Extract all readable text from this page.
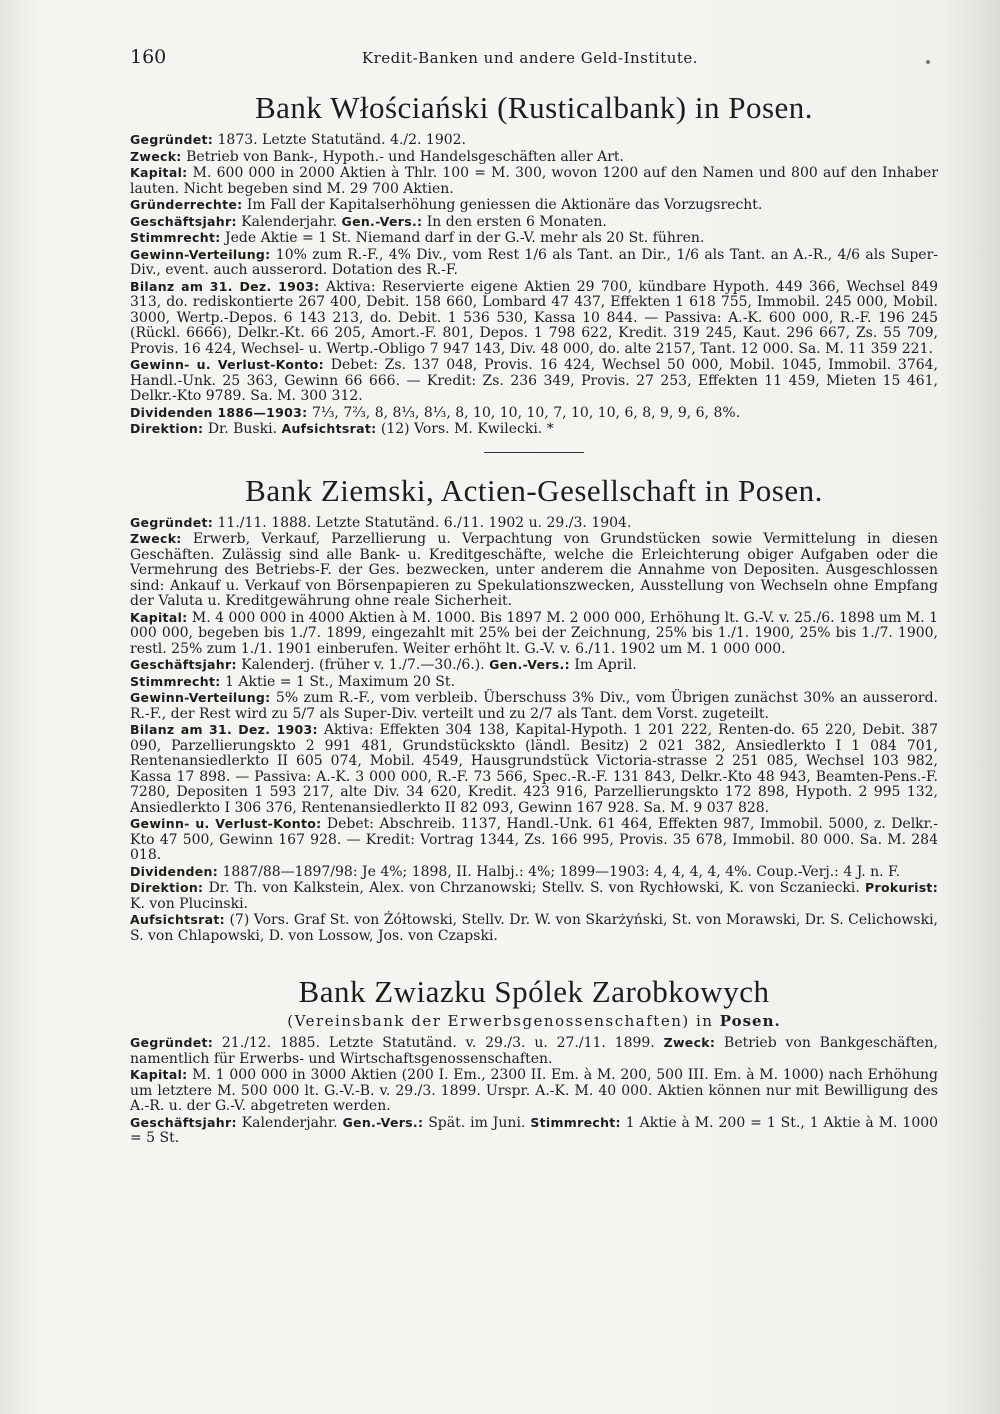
160	Kredit-Banken und andere Geld-Institute.
Bank Włościański (Rusticalbank) in Posen.

Gegründet: 1873. Letzte Statutänd. 4./2. 1902.

Zweck: Betrieb von Bank-, Hypoth.- und Handelsgeschäften aller Art.

Kapital: M. 600 000 in 2000 Aktien à Thlr. 100 = M. 300, wovon 1200 auf den Namen und 800 auf den Inhaber lauten. Nicht begeben sind M. 29 700 Aktien.

Gründerrechte: Im Fall der Kapitalserhöhung geniessen die Aktionäre das Vorzugsrecht.

Geschäftsjahr: Kalenderjahr. Gen.-Vers.: In den ersten 6 Monaten.

Stimmrecht: Jede Aktie = 1 St. Niemand darf in der G.-V. mehr als 20 St. führen.

Gewinn-Verteilung: 10% zum R.-F., 4% Div., vom Rest 1/6 als Tant. an Dir., 1/6 als Tant. an A.-R., 4/6 als Super-Div., event. auch ausserord. Dotation des R.-F.

Bilanz am 31. Dez. 1903: Aktiva: Reservierte eigene Aktien 29 700, kündbare Hypoth. 449 366, Wechsel 849 313, do. rediskontierte 267 400, Debit. 158 660, Lombard 47 437, Effekten 1 618 755, Immobil. 245 000, Mobil. 3000, Wertp.-Depos. 6 143 213, do. Debit. 1 536 530, Kassa 10 844. — Passiva: A.-K. 600 000, R.-F. 196 245 (Rückl. 6666), Delkr.-Kt. 66 205, Amort.-F. 801, Depos. 1 798 622, Kredit. 319 245, Kaut. 296 667, Zs. 55 709, Provis. 16 424, Wechsel- u. Wertp.-Obligo 7 947 143, Div. 48 000, do. alte 2157, Tant. 12 000. Sa. M. 11 359 221.

Gewinn- u. Verlust-Konto: Debet: Zs. 137 048, Provis. 16 424, Wechsel 50 000, Mobil. 1045, Immobil. 3764, Handl.-Unk. 25 363, Gewinn 66 666. — Kredit: Zs. 236 349, Provis. 27 253, Effekten 11 459, Mieten 15 461, Delkr.-Kto 9789. Sa. M. 300 312.

Dividenden 1886—1903: 7⅓, 7⅔, 8, 8⅓, 8⅓, 8, 10, 10, 10, 7, 10, 10, 6, 8, 9, 9, 6, 8%.

Direktion: Dr. Buski. Aufsichtsrat: (12) Vors. M. Kwilecki. *

Bank Ziemski, Actien-Gesellschaft in Posen.

Gegründet: 11./11. 1888. Letzte Statutänd. 6./11. 1902 u. 29./3. 1904.

Zweck: Erwerb, Verkauf, Parzellierung u. Verpachtung von Grundstücken sowie Vermittelung in diesen Geschäften. Zulässig sind alle Bank- u. Kreditgeschäfte, welche die Erleichterung obiger Aufgaben oder die Vermehrung des Betriebs-F. der Ges. bezwecken, unter anderem die Annahme von Depositen. Ausgeschlossen sind: Ankauf u. Verkauf von Börsenpapieren zu Spekulationszwecken, Ausstellung von Wechseln ohne Empfang der Valuta u. Kreditgewährung ohne reale Sicherheit.

Kapital: M. 4 000 000 in 4000 Aktien à M. 1000. Bis 1897 M. 2 000 000, Erhöhung lt. G.-V. v. 25./6. 1898 um M. 1 000 000, begeben bis 1./7. 1899, eingezahlt mit 25% bei der Zeichnung, 25% bis 1./1. 1900, 25% bis 1./7. 1900, restl. 25% zum 1./1. 1901 einberufen. Weiter erhöht lt. G.-V. v. 6./11. 1902 um M. 1 000 000.

Geschäftsjahr: Kalenderj. (früher v. 1./7.—30./6.). Gen.-Vers.: Im April.

Stimmrecht: 1 Aktie = 1 St., Maximum 20 St.

Gewinn-Verteilung: 5% zum R.-F., vom verbleib. Überschuss 3% Div., vom Übrigen zunächst 30% an ausserord. R.-F., der Rest wird zu 5/7 als Super-Div. verteilt und zu 2/7 als Tant. dem Vorst. zugeteilt.

Bilanz am 31. Dez. 1903: Aktiva: Effekten 304 138, Kapital-Hypoth. 1 201 222, Renten-do. 65 220, Debit. 387 090, Parzellierungskto 2 991 481, Grundstückskto (ländl. Besitz) 2 021 382, Ansiedlerkto I 1 084 701, Rentenansiedlerkto II 605 074, Mobil. 4549, Hausgrundstück Victoria-strasse 2 251 085, Wechsel 103 982, Kassa 17 898. — Passiva: A.-K. 3 000 000, R.-F. 73 566, Spec.-R.-F. 131 843, Delkr.-Kto 48 943, Beamten-Pens.-F. 7280, Depositen 1 593 217, alte Div. 34 620, Kredit. 423 916, Parzellierungskto 172 898, Hypoth. 2 995 132, Ansiedlerkto I 306 376, Rentenansiedlerkto II 82 093, Gewinn 167 928. Sa. M. 9 037 828.

Gewinn- u. Verlust-Konto: Debet: Abschreib. 1137, Handl.-Unk. 61 464, Effekten 987, Immobil. 5000, z. Delkr.-Kto 47 500, Gewinn 167 928. — Kredit: Vortrag 1344, Zs. 166 995, Provis. 35 678, Immobil. 80 000. Sa. M. 284 018.

Dividenden: 1887/88—1897/98: Je 4%; 1898, II. Halbj.: 4%; 1899—1903: 4, 4, 4, 4, 4%. Coup.-Verj.: 4 J. n. F.

Direktion: Dr. Th. von Kalkstein, Alex. von Chrzanowski; Stellv. S. von Rychłowski, K. von Sczaniecki. Prokurist: K. von Plucinski.

Aufsichtsrat: (7) Vors. Graf St. von Żółtowski, Stellv. Dr. W. von Skarżyński, St. von Morawski, Dr. S. Celichowski, S. von Chlapowski, D. von Lossow, Jos. von Czapski.

Bank Zwiazku Spólek Zarobkowych
(Vereinsbank der Erwerbsgenossenschaften) in Posen.

Gegründet: 21./12. 1885. Letzte Statutänd. v. 29./3. u. 27./11. 1899. Zweck: Betrieb von Bankgeschäften, namentlich für Erwerbs- und Wirtschaftsgenossenschaften.

Kapital: M. 1 000 000 in 3000 Aktien (200 I. Em., 2300 II. Em. à M. 200, 500 III. Em. à M. 1000) nach Erhöhung um letztere M. 500 000 lt. G.-V.-B. v. 29./3. 1899. Urspr. A.-K. M. 40 000. Aktien können nur mit Bewilligung des A.-R. u. der G.-V. abgetreten werden.

Geschäftsjahr: Kalenderjahr. Gen.-Vers.: Spät. im Juni. Stimmrecht: 1 Aktie à M. 200 = 1 St., 1 Aktie à M. 1000 = 5 St.
